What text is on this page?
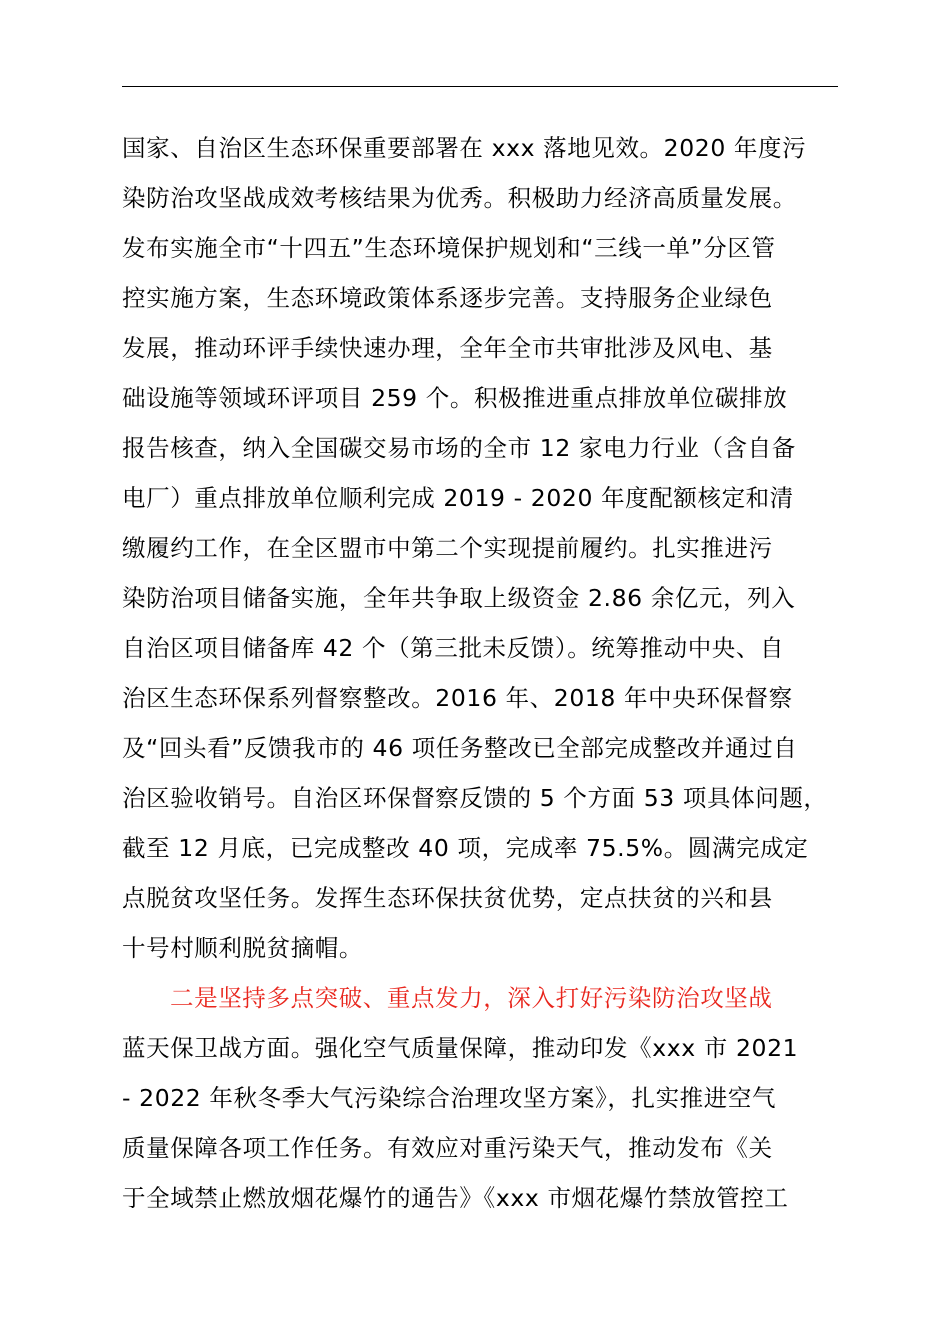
国家、自治区生态环保重要部署在 xxx 落地见效。2020 年度污
染防治攻坚战成效考核结果为优秀。积极助力经济高质量发展。
发布实施全市“十四五”生态环境保护规划和“三线一单”分区管
控实施方案，生态环境政策体系逐步完善。支持服务企业绿色
发展，推动环评手续快速办理，全年全市共审批涉及风电、基
础设施等领域环评项目 259 个。积极推进重点排放单位碳排放
报告核查，纳入全国碳交易市场的全市 12 家电力行业（含自备
电厂）重点排放单位顺利完成 2019 - 2020 年度配额核定和清
缴履约工作，在全区盟市中第二个实现提前履约。扎实推进污
染防治项目储备实施，全年共争取上级资金 2.86 余亿元，列入
自治区项目储备库 42 个（第三批未反馈）。统筹推动中央、自
治区生态环保系列督察整改。2016 年、2018 年中央环保督察
及“回头看”反馈我市的 46 项任务整改已全部完成整改并通过自
治区验收销号。自治区环保督察反馈的 5 个方面 53 项具体问题，
截至 12 月底，已完成整改 40 项，完成率 75.5%。圆满完成定
点脱贫攻坚任务。发挥生态环保扶贫优势，定点扶贫的兴和县
十号村顺利脱贫摘帽。
二是坚持多点突破、重点发力，深入打好污染防治攻坚战
蓝天保卫战方面。强化空气质量保障，推动印发《xxx 市 2021
- 2022 年秋冬季大气污染综合治理攻坚方案》，扎实推进空气
质量保障各项工作任务。有效应对重污染天气，推动发布《关
于全域禁止燃放烟花爆竹的通告》《xxx 市烟花爆竹禁放管控工
